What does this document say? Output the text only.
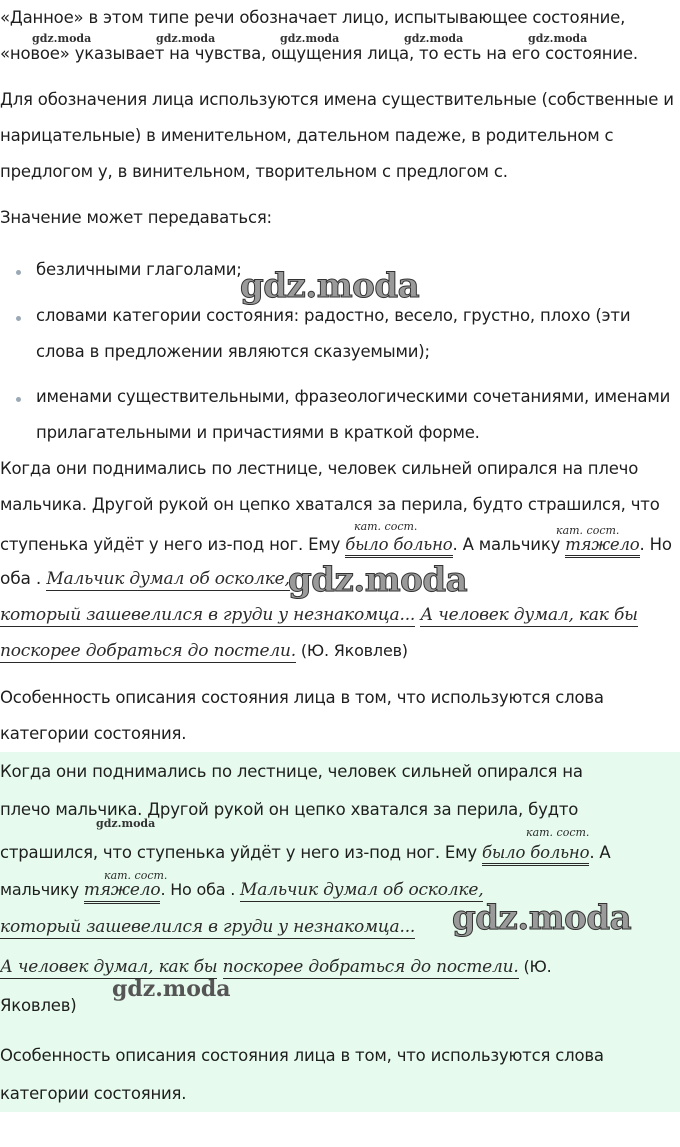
«Данное» в этом типе речи обозначает лицо, испытывающее состояние,
«новое» указывает на чувства, ощущения лица, то есть на его состояние.
gdz.moda	gdz.moda	gdz.moda	gdz.moda	gdz.moda
Для обозначения лица используются имена существительные (собственные и
нарицательные) в именительном, дательном падеже, в родительном с
предлогом у, в винительном, творительном с предлогом с.
Значение может передаваться:
безличными глаголами;
gdz.moda
словами категории состояния: радостно, весело, грустно, плохо (эти
слова в предложении являются сказуемыми);
именами существительными, фразеологическими сочетаниями, именами
прилагательными и причастиями в краткой форме.
Когда они поднимались по лестнице, человек сильней опирался на плечо
мальчика. Другой рукой он цепко хватался за перила, будто страшился, что
кат. сост.	кат. сост.
ступенька уйдёт у него из-под ног. Ему было больно. А мальчику тяжело. Но
оба . Мальчик думал об осколке,
gdz.moda
который зашевелился в груди у незнакомца... А человек думал, как бы
поскорее добраться до постели. (Ю. Яковлев)
Особенность описания состояния лица в том, что используются слова
категории состояния.
Когда они поднимались по лестнице, человек сильней опирался на
плечо мальчика. Другой рукой он цепко хватался за перила, будто
gdz.moda
кат. сост.
страшился, что ступенька уйдёт у него из-под ног. Ему было больно. А
кат. сост.
мальчику тяжело. Но оба . Мальчик думал об осколке,
который зашевелился в груди у незнакомца... gdz.moda
А человек думал, как бы поскорее добраться до постели. (Ю.
gdz.moda
Яковлев)
Особенность описания состояния лица в том, что используются слова
категории состояния.
